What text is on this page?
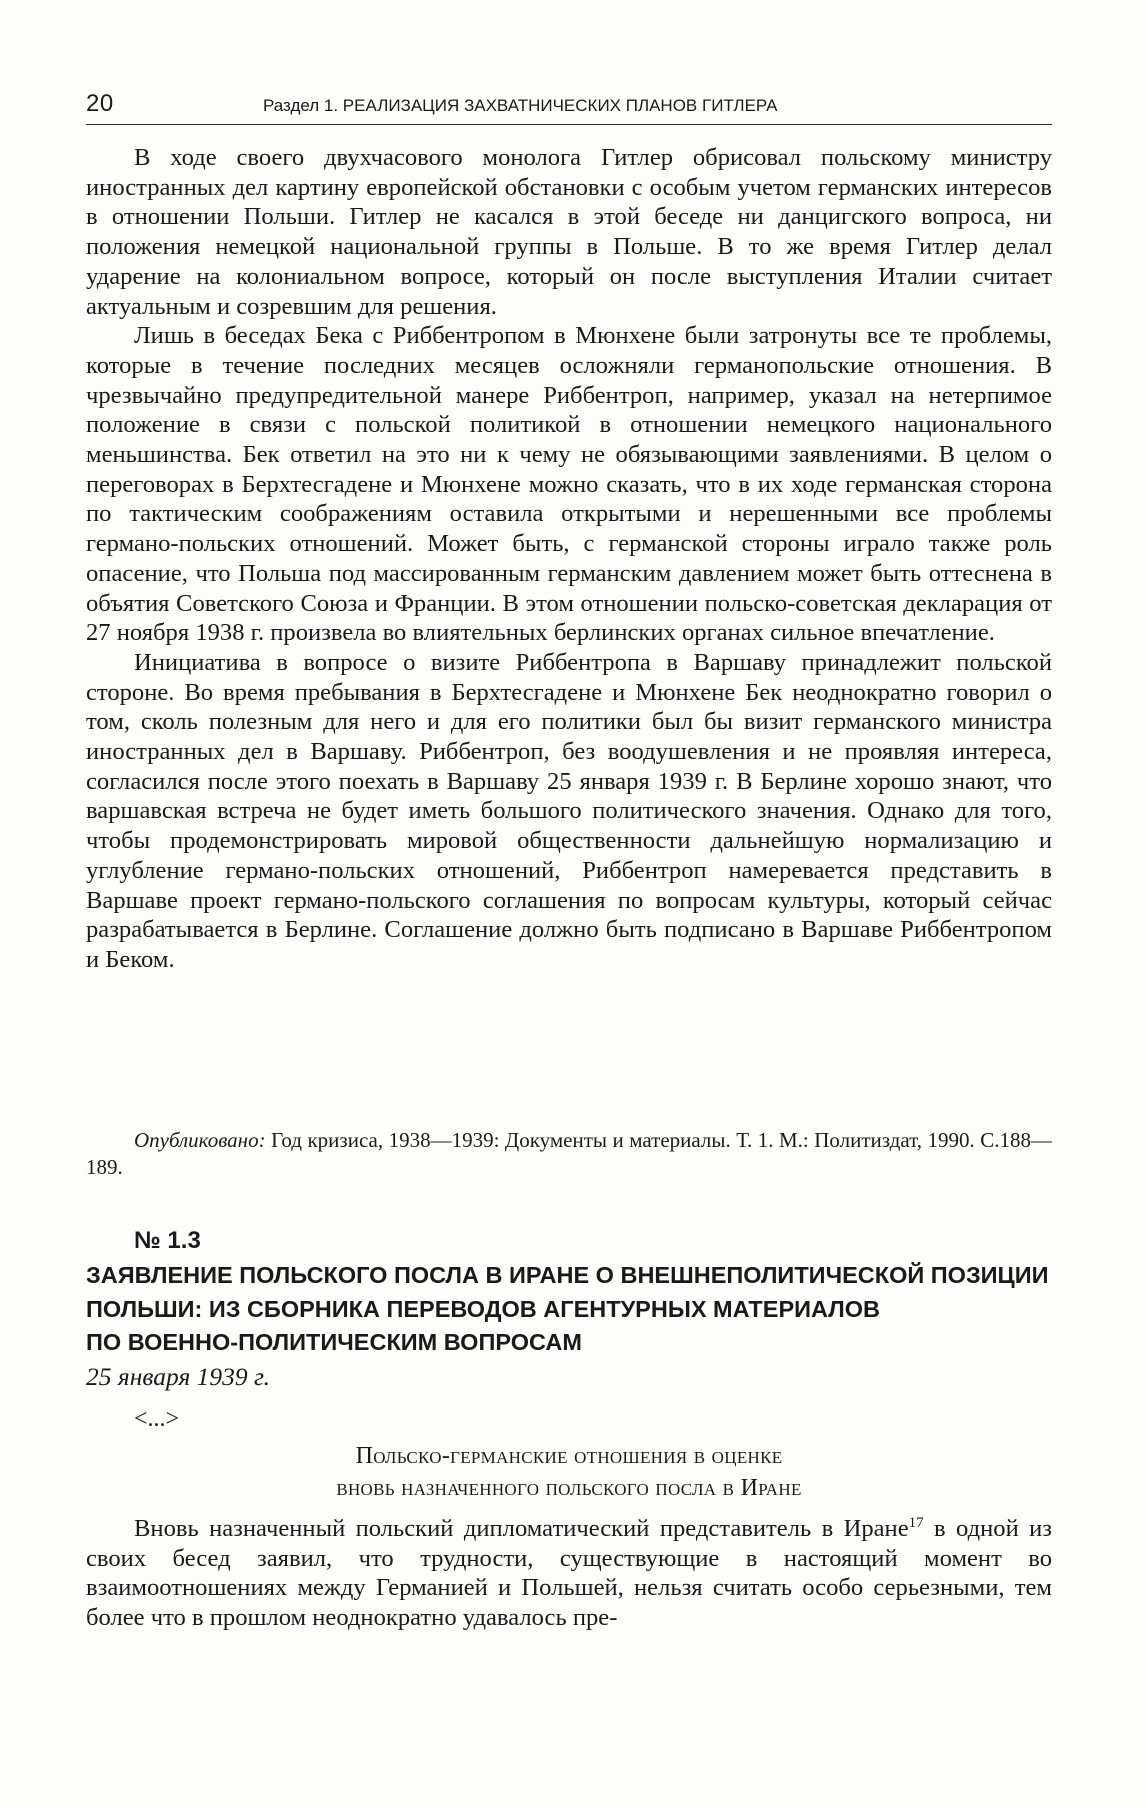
20	Раздел 1. РЕАЛИЗАЦИЯ ЗАХВАТНИЧЕСКИХ ПЛАНОВ ГИТЛЕРА

В ходе своего двухчасового монолога Гитлер обрисовал польскому министру иностранных дел картину европейской обстановки с особым учетом германских интересов в отношении Польши. Гитлер не касался в этой беседе ни данцигского вопроса, ни положения немецкой национальной группы в Польше. В то же время Гитлер делал ударение на колониальном вопросе, который он после выступления Италии считает актуальным и созревшим для решения.

Лишь в беседах Бека с Риббентропом в Мюнхене были затронуты все те проблемы, которые в течение последних месяцев осложняли германопольские отношения. В чрезвычайно предупредительной манере Риббентроп, например, указал на нетерпимое положение в связи с польской политикой в отношении немецкого национального меньшинства. Бек ответил на это ни к чему не обязывающими заявлениями. В целом о переговорах в Берхтесгадене и Мюнхене можно сказать, что в их ходе германская сторона по тактическим соображениям оставила открытыми и нерешенными все проблемы германо-польских отношений. Может быть, с германской стороны играло также роль опасение, что Польша под массированным германским давлением может быть оттеснена в объятия Советского Союза и Франции. В этом отношении польско-советская декларация от 27 ноября 1938 г. произвела во влиятельных берлинских органах сильное впечатление.

Инициатива в вопросе о визите Риббентропа в Варшаву принадлежит польской стороне. Во время пребывания в Берхтесгадене и Мюнхене Бек неоднократно говорил о том, сколь полезным для него и для его политики был бы визит германского министра иностранных дел в Варшаву. Риббентроп, без воодушевления и не проявляя интереса, согласился после этого поехать в Варшаву 25 января 1939 г. В Берлине хорошо знают, что варшавская встреча не будет иметь большого политического значения. Однако для того, чтобы продемонстрировать мировой общественности дальнейшую нормализацию и углубление германо-польских отношений, Риббентроп намеревается представить в Варшаве проект германо-польского соглашения по вопросам культуры, который сейчас разрабатывается в Берлине. Соглашение должно быть подписано в Варшаве Риббентропом и Беком.

Опубликовано: Год кризиса, 1938—1939: Документы и материалы. Т. 1. М.: Политиздат, 1990. С.188—189.
№ 1.3
ЗАЯВЛЕНИЕ ПОЛЬСКОГО ПОСЛА В ИРАНЕ О ВНЕШНЕПОЛИТИЧЕСКОЙ ПОЗИЦИИ
ПОЛЬШИ: ИЗ СБОРНИКА ПЕРЕВОДОВ АГЕНТУРНЫХ МАТЕРИАЛОВ
ПО ВОЕННО-ПОЛИТИЧЕСКИМ ВОПРОСАМ
25 января 1939 г.
<...>
Польско-германские отношения в оценке
вновь назначенного польского посла в Иране

Вновь назначенный польский дипломатический представитель в Иране$^{17}$ в одной из своих бесед заявил, что трудности, существующие в настоящий момент во взаимоотношениях между Германией и Польшей, нельзя считать особо серьезными, тем более что в прошлом неоднократно удавалось пре-
